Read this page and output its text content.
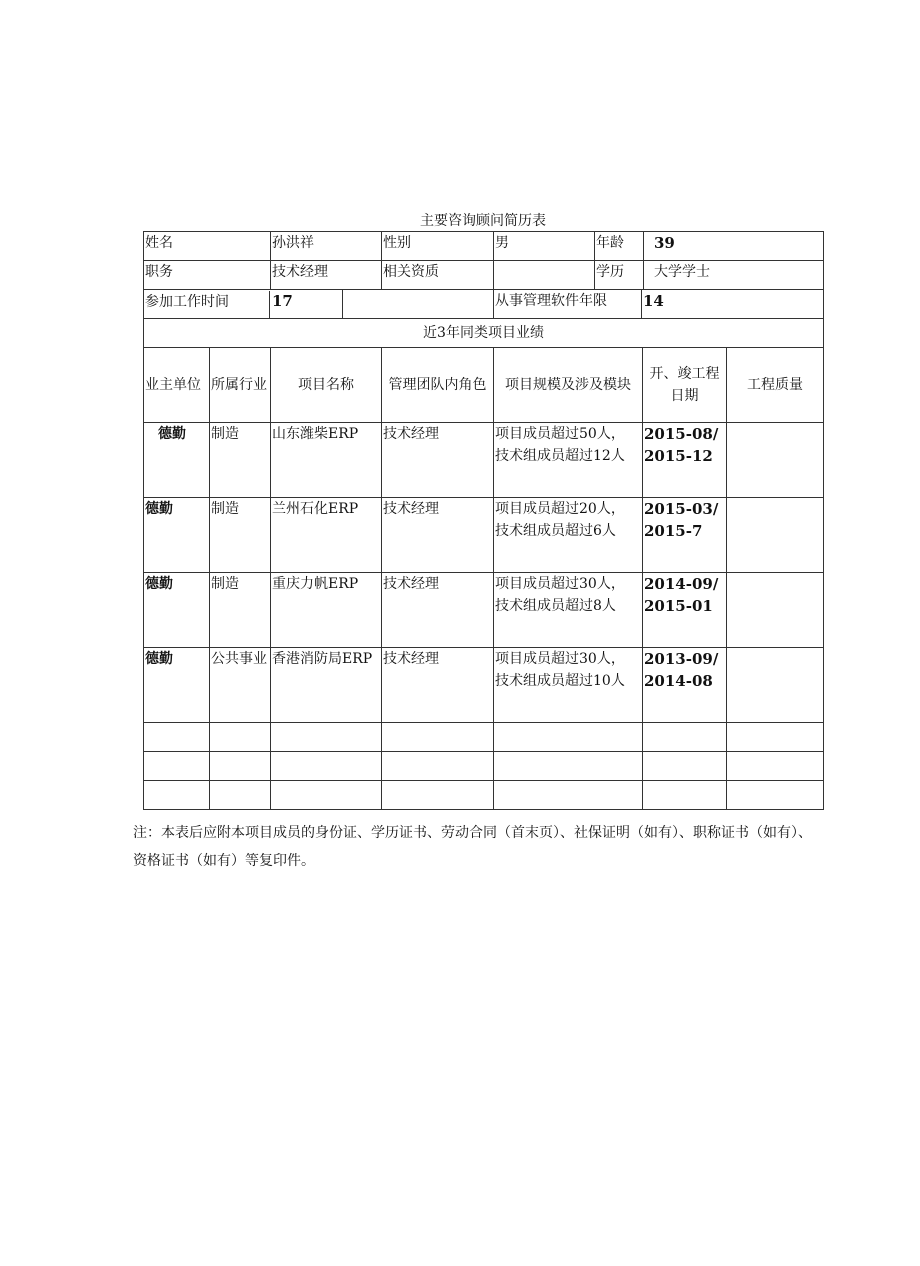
主要咨询顾问简历表
姓名	孙洪祥		性别	男	年龄		39
职务	技术经理		相关资质		学历		大学学士
参加工作时间 17				从事管理软件年限		14	
近3年同类项目业绩							
业主单位	所属行业	项目名称	管理团队内角色	项目规模及涉及模块	开、竣工程日期	工程质量
德勤	制造	山东潍柴ERP	技术经理	项目成员超过50人，
技术组成员超过12人	2015-08/2015-12	
德勤	制造	兰州石化ERP	技术经理	项目成员超过20人，
技术组成员超过6人	2015-03/2015-7	
德勤	制造	重庆力帆ERP	技术经理	项目成员超过30人，
技术组成员超过8人	2014-09/2015-01	
德勤	公共事业	香港消防局ERP	技术经理	项目成员超过30人，
技术组成员超过10人	2013-09/2014-08	

注：本表后应附本项目成员的身份证、学历证书、劳动合同（首末页）、社保证明（如有）、职称证书（如有）、资格证书（如有）等复印件。
